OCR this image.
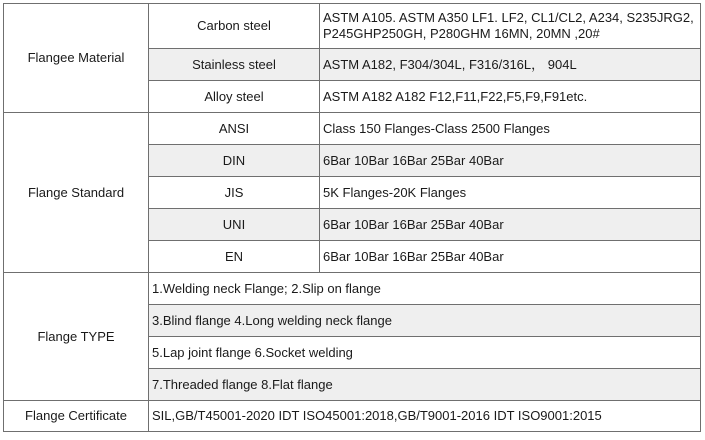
Flangee Material	Carbon steel	ASTM A105. ASTM A350 LF1. LF2, CL1/CL2, A234, S235JRG2, P245GHP250GH, P280GHM 16MN, 20MN ,20#
	Stainless steel	ASTM A182, F304/304L, F316/316L， 904L
	Alloy steel	ASTM A182 A182 F12,F11,F22,F5,F9,F91etc.
Flange Standard	ANSI	Class 150 Flanges-Class 2500 Flanges
	DIN	6Bar 10Bar 16Bar 25Bar 40Bar
	JIS	5K Flanges-20K Flanges
	UNI	6Bar 10Bar 16Bar 25Bar 40Bar
	EN	6Bar 10Bar 16Bar 25Bar 40Bar
Flange TYPE	1.Welding neck Flange; 2.Slip on flange	
	3.Blind flange 4.Long welding neck flange	
	5.Lap joint flange 6.Socket welding	
	7.Threaded flange 8.Flat flange	
Flange Certificate	SIL,GB/T45001-2020 IDT ISO45001:2018,GB/T9001-2016 IDT ISO9001:2015	
